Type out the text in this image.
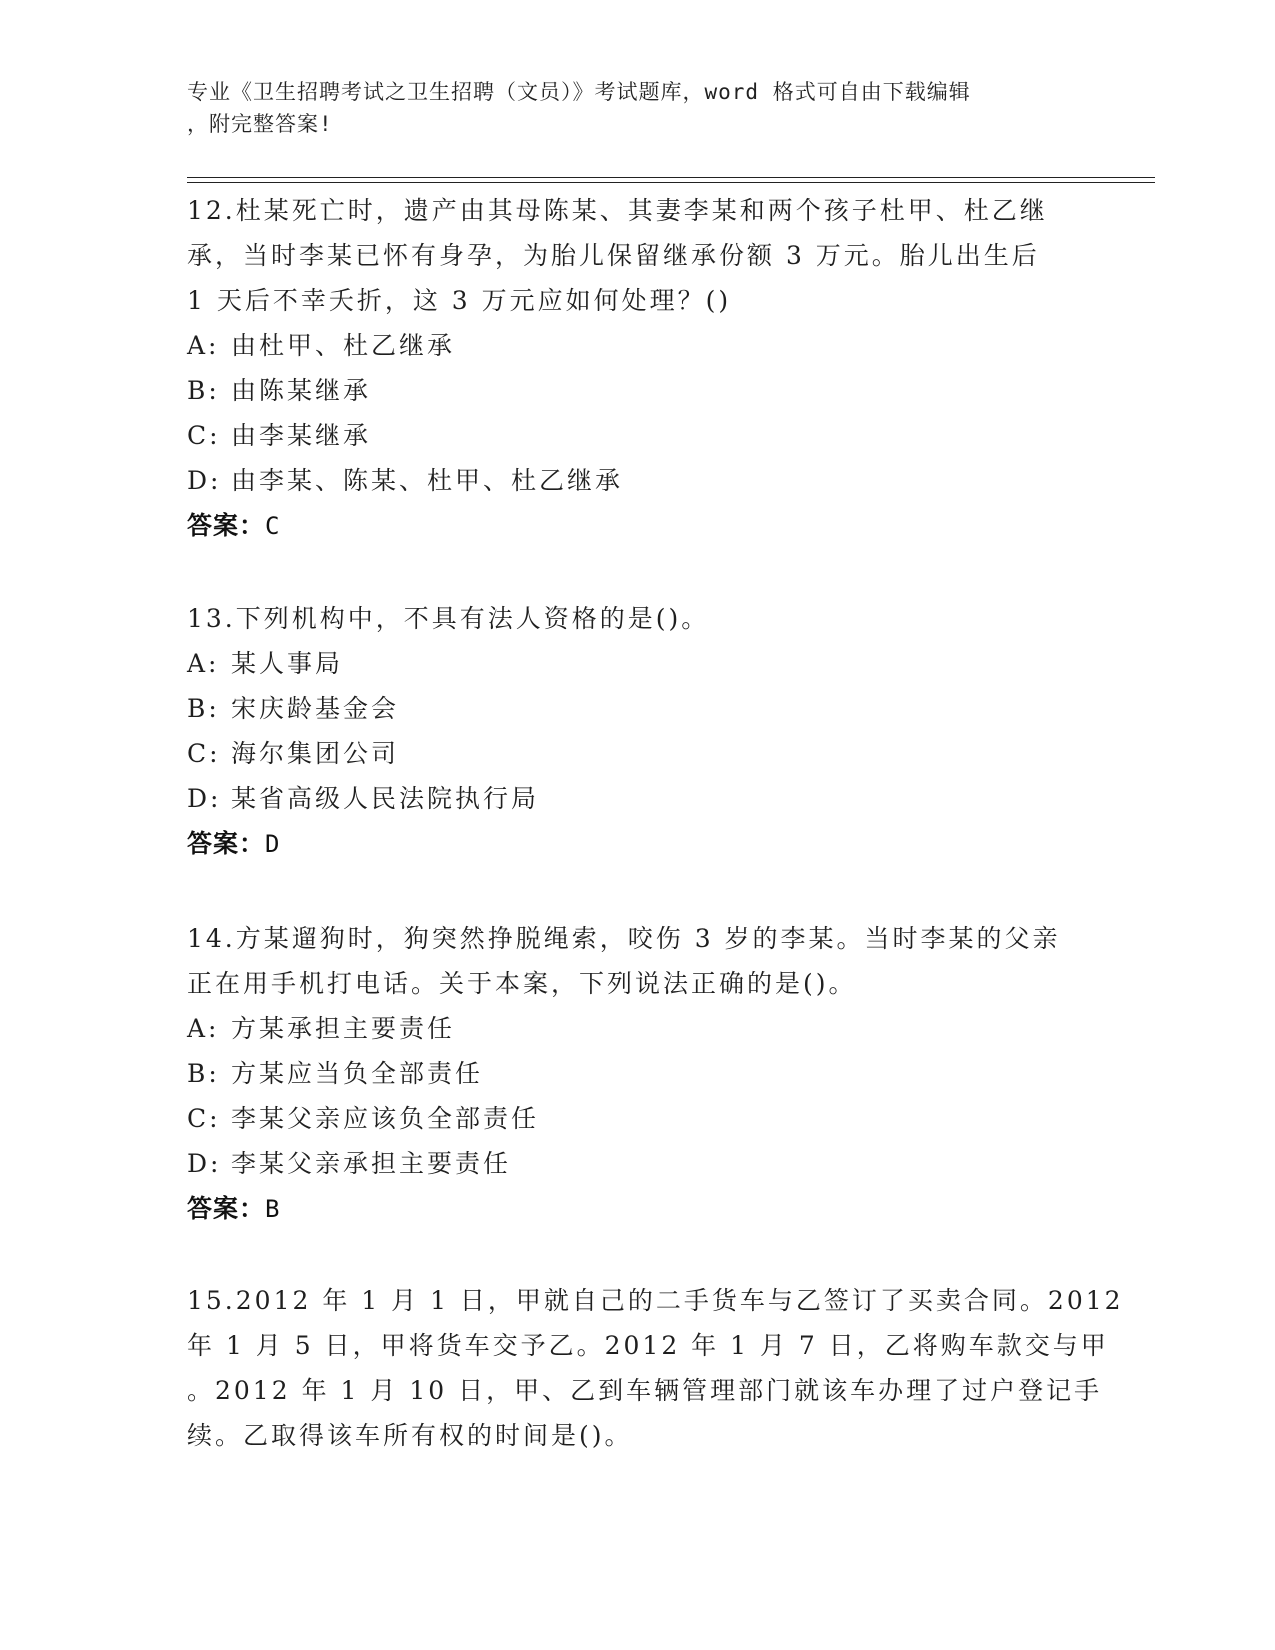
专业《卫生招聘考试之卫生招聘（文员）》考试题库，word 格式可自由下载编辑
，附完整答案!
12.杜某死亡时，遗产由其母陈某、其妻李某和两个孩子杜甲、杜乙继
承，当时李某已怀有身孕，为胎儿保留继承份额 3 万元。胎儿出生后
1 天后不幸夭折，这 3 万元应如何处理？()
A: 由杜甲、杜乙继承
B: 由陈某继承
C: 由李某继承
D: 由李某、陈某、杜甲、杜乙继承
答案：C
13.下列机构中，不具有法人资格的是()。
A: 某人事局
B: 宋庆龄基金会
C: 海尔集团公司
D: 某省高级人民法院执行局
答案：D
14.方某遛狗时，狗突然挣脱绳索，咬伤 3 岁的李某。当时李某的父亲
正在用手机打电话。关于本案，下列说法正确的是()。
A: 方某承担主要责任
B: 方某应当负全部责任
C: 李某父亲应该负全部责任
D: 李某父亲承担主要责任
答案：B
15.2012 年 1 月 1 日，甲就自己的二手货车与乙签订了买卖合同。2012
年 1 月 5 日，甲将货车交予乙。2012 年 1 月 7 日，乙将购车款交与甲
。2012 年 1 月 10 日，甲、乙到车辆管理部门就该车办理了过户登记手
续。乙取得该车所有权的时间是()。
